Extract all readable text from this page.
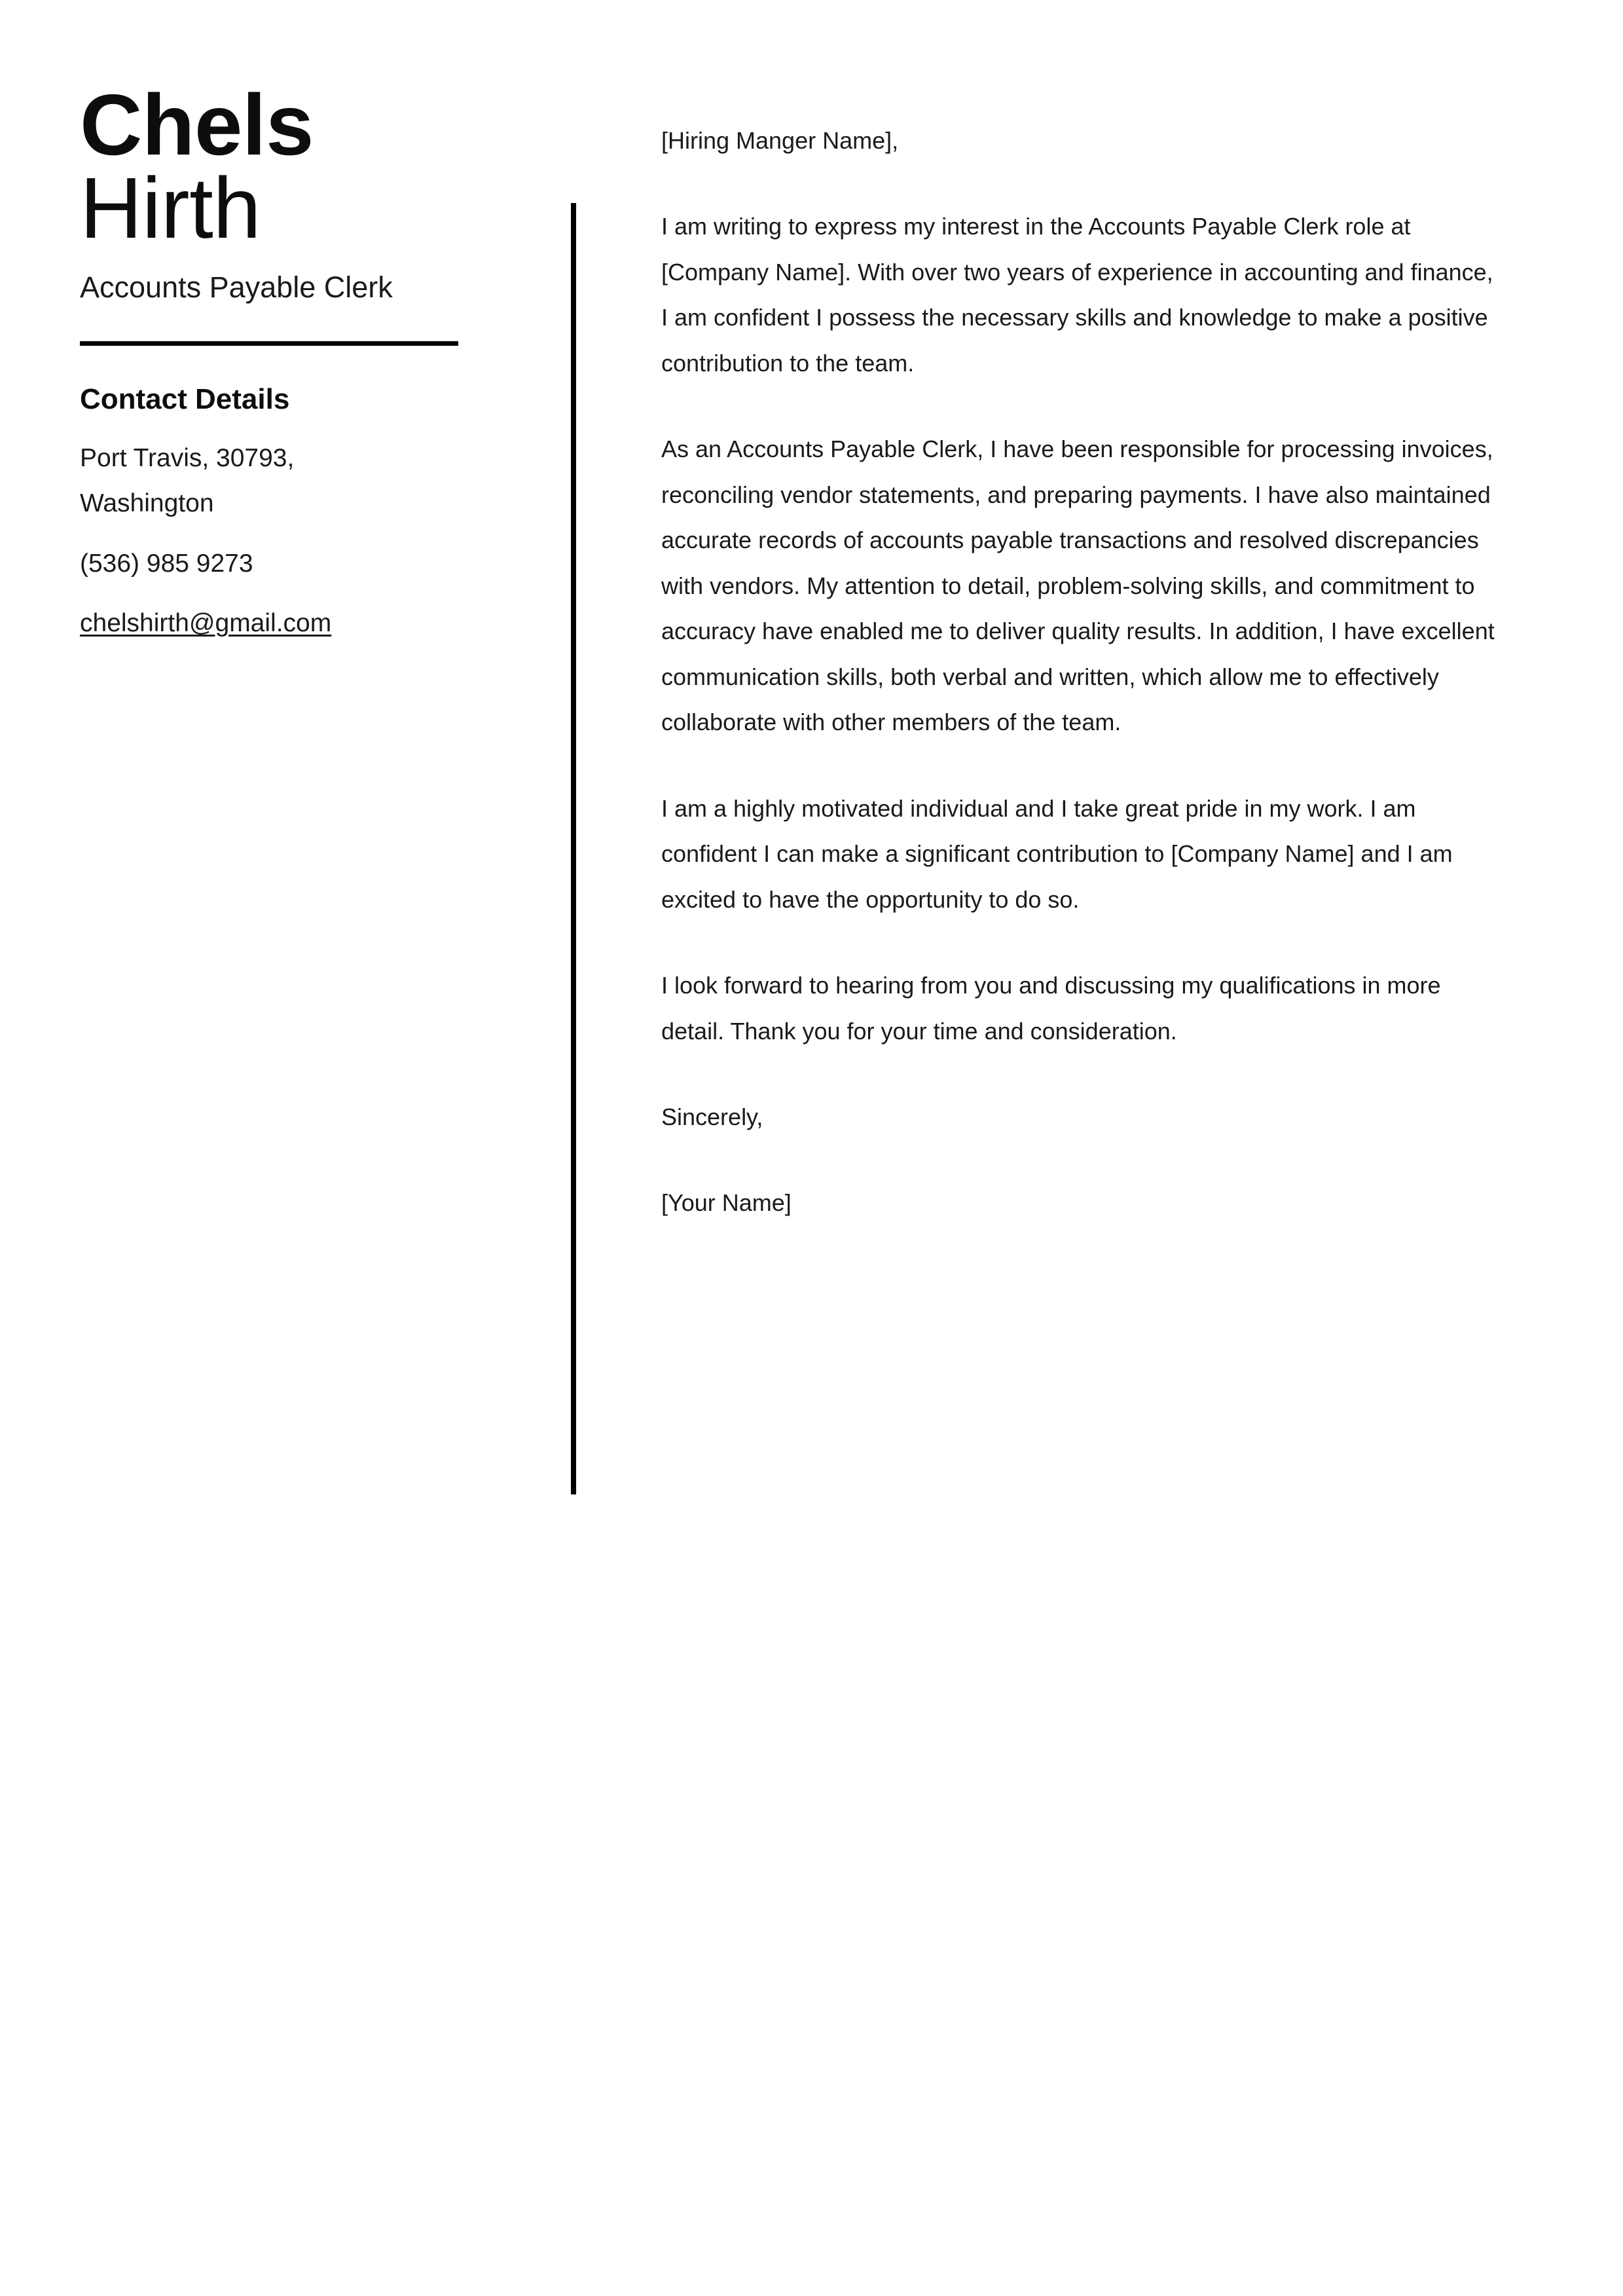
Chels
Hirth
Accounts Payable Clerk
Contact Details
Port Travis, 30793, Washington
(536) 985 9273
chelshirth@gmail.com

[Hiring Manger Name],

I am writing to express my interest in the Accounts Payable Clerk role at [Company Name]. With over two years of experience in accounting and finance, I am confident I possess the necessary skills and knowledge to make a positive contribution to the team.

As an Accounts Payable Clerk, I have been responsible for processing invoices, reconciling vendor statements, and preparing payments. I have also maintained accurate records of accounts payable transactions and resolved discrepancies with vendors. My attention to detail, problem-solving skills, and commitment to accuracy have enabled me to deliver quality results. In addition, I have excellent communication skills, both verbal and written, which allow me to effectively collaborate with other members of the team.

I am a highly motivated individual and I take great pride in my work. I am confident I can make a significant contribution to [Company Name] and I am excited to have the opportunity to do so.

I look forward to hearing from you and discussing my qualifications in more detail. Thank you for your time and consideration.

Sincerely,

[Your Name]
